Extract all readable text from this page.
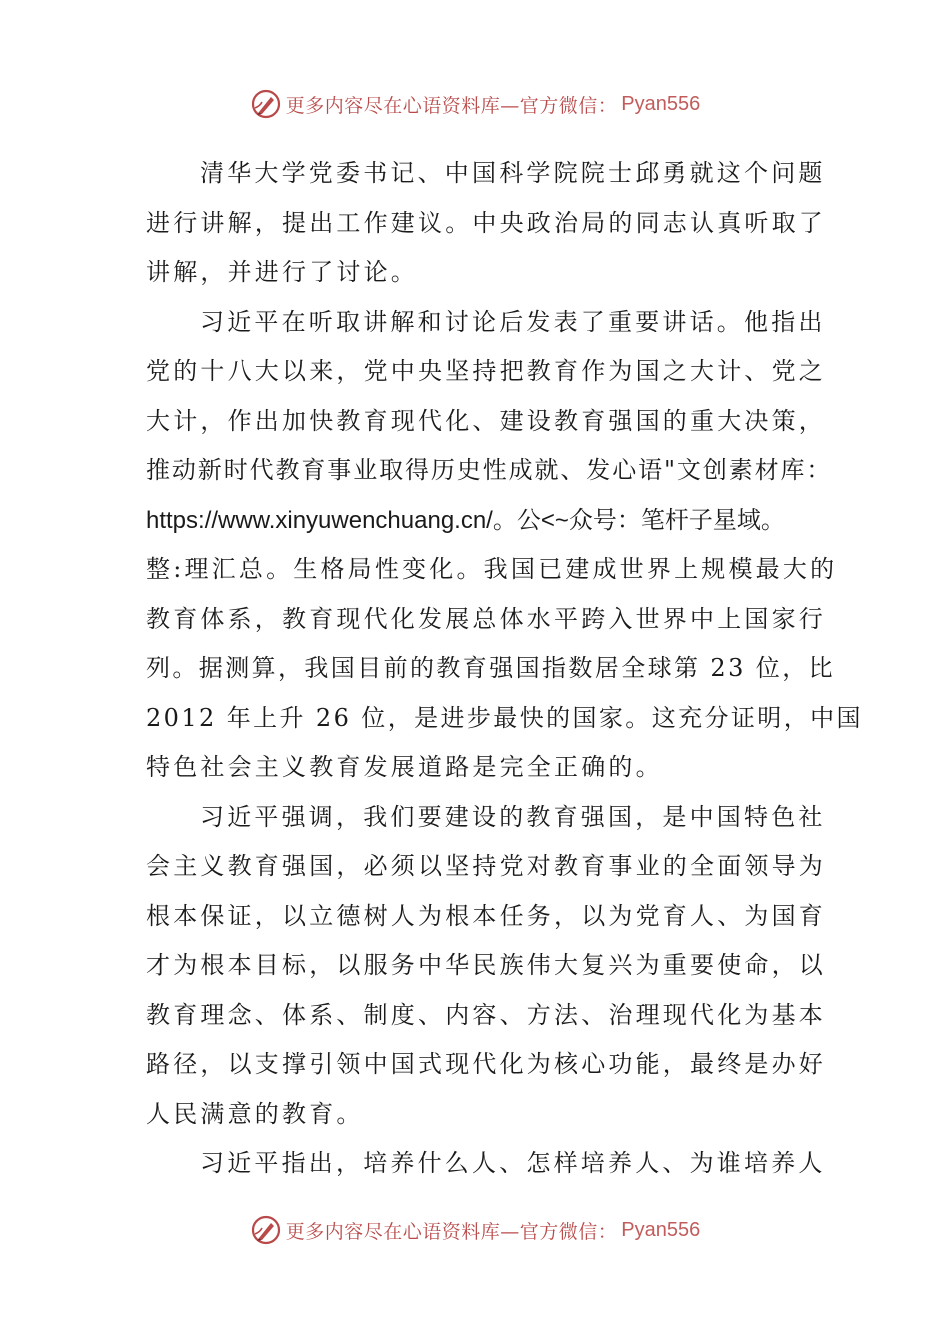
更多内容尽在心语资料库—官方微信： Pyan556

清华大学党委书记、中国科学院院士邱勇就这个问题

进行讲解，提出工作建议。中央政治局的同志认真听取了
讲解，并进行了讨论。

习近平在听取讲解和讨论后发表了重要讲话。他指出

党的十八大以来，党中央坚持把教育作为国之大计、党之
大计，作出加快教育现代化、建设教育强国的重大决策，
推动新时代教育事业取得历史性成就、发心语"文创素材库：
https://www.xinyuwenchuang.cn/。公<~众号：笔杆子星域。
整:理汇总。生格局性变化。我国已建成世界上规模最大的
教育体系，教育现代化发展总体水平跨入世界中上国家行
列。据测算，我国目前的教育强国指数居全球第 23 位，比
2012 年上升 26 位，是进步最快的国家。这充分证明，中国
特色社会主义教育发展道路是完全正确的。

习近平强调，我们要建设的教育强国，是中国特色社

会主义教育强国，必须以坚持党对教育事业的全面领导为
根本保证，以立德树人为根本任务，以为党育人、为国育
才为根本目标，以服务中华民族伟大复兴为重要使命，以
教育理念、体系、制度、内容、方法、治理现代化为基本
路径，以支撑引领中国式现代化为核心功能，最终是办好
人民满意的教育。

习近平指出，培养什么人、怎样培养人、为谁培养人

更多内容尽在心语资料库—官方微信： Pyan556
